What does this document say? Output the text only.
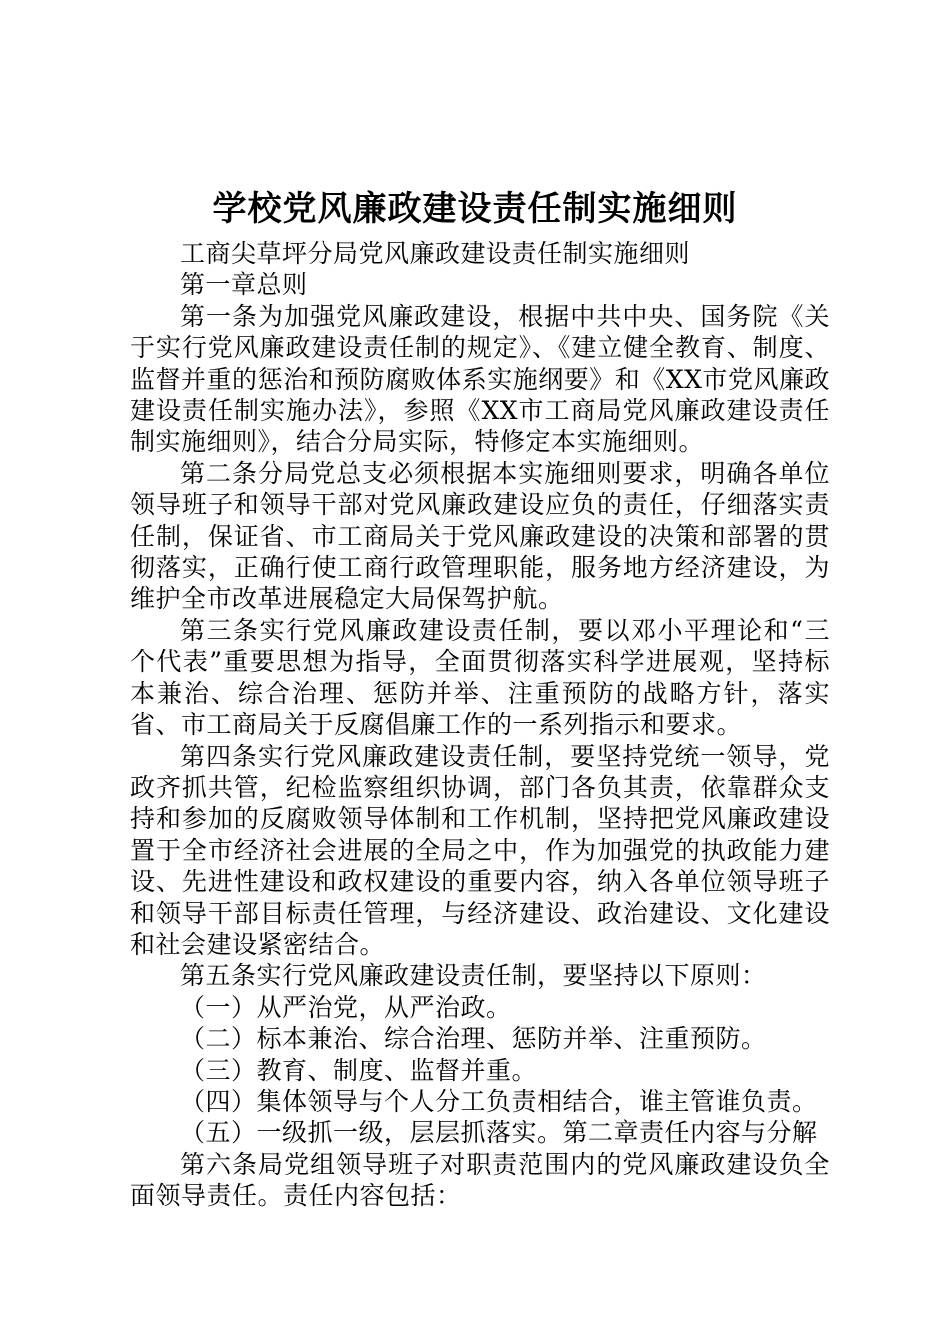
学校党风廉政建设责任制实施细则

工商尖草坪分局党风廉政建设责任制实施细则

第一章总则

第一条为加强党风廉政建设，根据中共中央、国务院《关于实行党风廉政建设责任制的规定》、《建立健全教育、制度、监督并重的惩治和预防腐败体系实施纲要》和《XX市党风廉政建设责任制实施办法》，参照《XX市工商局党风廉政建设责任制实施细则》，结合分局实际，特修定本实施细则。

第二条分局党总支必须根据本实施细则要求，明确各单位领导班子和领导干部对党风廉政建设应负的责任，仔细落实责任制，保证省、市工商局关于党风廉政建设的决策和部署的贯彻落实，正确行使工商行政管理职能，服务地方经济建设，为维护全市改革进展稳定大局保驾护航。

第三条实行党风廉政建设责任制，要以邓小平理论和“三个代表”重要思想为指导，全面贯彻落实科学进展观，坚持标本兼治、综合治理、惩防并举、注重预防的战略方针，落实省、市工商局关于反腐倡廉工作的一系列指示和要求。

第四条实行党风廉政建设责任制，要坚持党统一领导，党政齐抓共管，纪检监察组织协调，部门各负其责，依靠群众支持和参加的反腐败领导体制和工作机制，坚持把党风廉政建设置于全市经济社会进展的全局之中，作为加强党的执政能力建设、先进性建设和政权建设的重要内容，纳入各单位领导班子和领导干部目标责任管理，与经济建设、政治建设、文化建设和社会建设紧密结合。

第五条实行党风廉政建设责任制，要坚持以下原则：

（一）从严治党，从严治政。

（二）标本兼治、综合治理、惩防并举、注重预防。

（三）教育、制度、监督并重。

（四）集体领导与个人分工负责相结合，谁主管谁负责。

（五）一级抓一级，层层抓落实。第二章责任内容与分解

第六条局党组领导班子对职责范围内的党风廉政建设负全面领导责任。责任内容包括：
